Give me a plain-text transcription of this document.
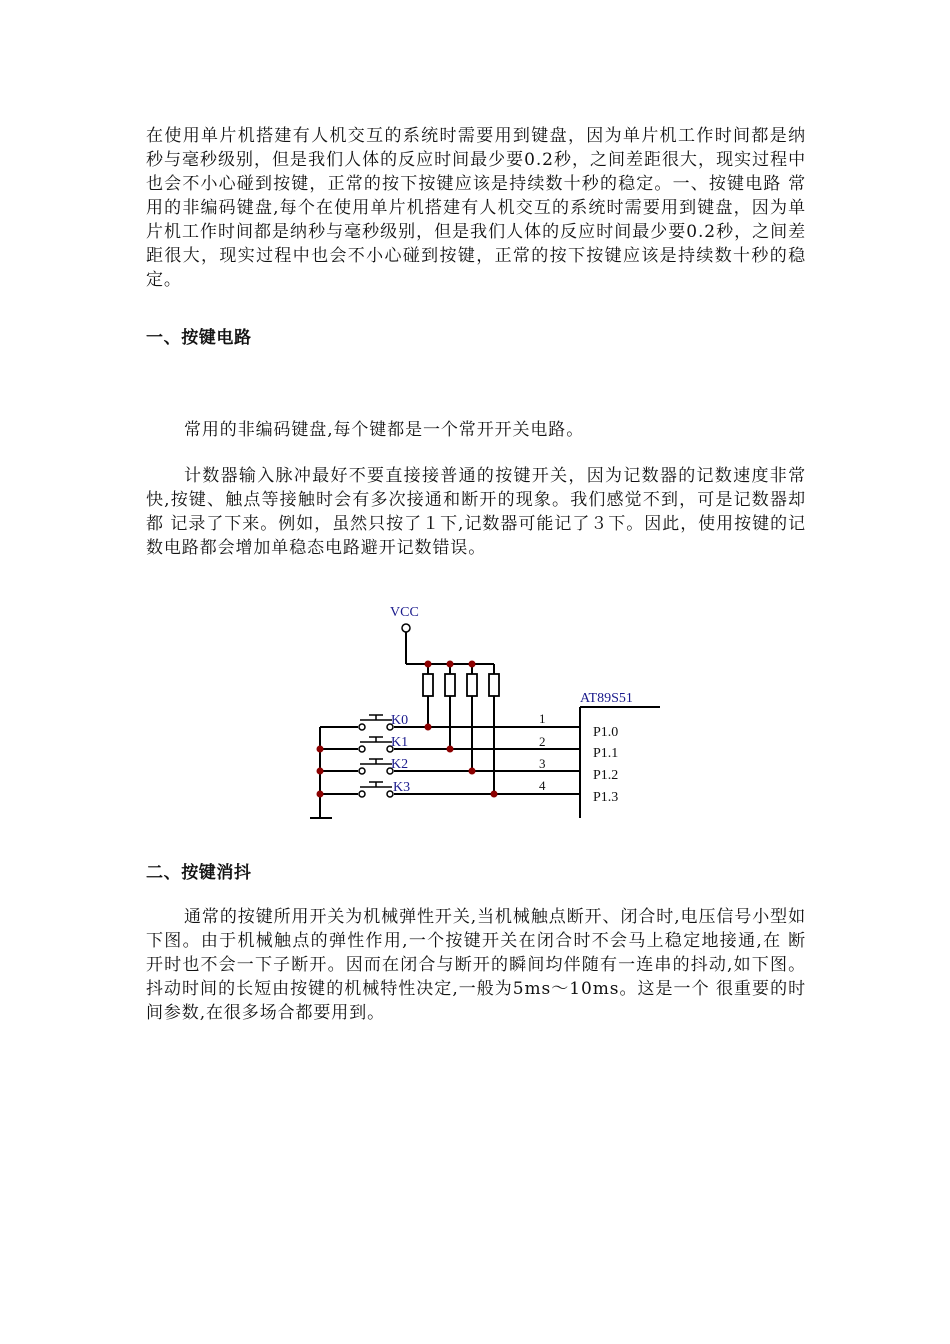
在使用单片机搭建有人机交互的系统时需要用到键盘，因为单片机工作时间都是纳秒与毫秒级别，但是我们人体的反应时间最少要0.2秒，之间差距很大，现实过程中也会不小心碰到按键，正常的按下按键应该是持续数十秒的稳定。一、按键电路 常用的非编码键盘,每个在使用单片机搭建有人机交互的系统时需要用到键盘，因为单片机工作时间都是纳秒与毫秒级别，但是我们人体的反应时间最少要0.2秒，之间差距很大，现实过程中也会不小心碰到按键，正常的按下按键应该是持续数十秒的稳定。

一、按键电路

常用的非编码键盘,每个键都是一个常开开关电路。

计数器输入脉冲最好不要直接接普通的按键开关，因为记数器的记数速度非常快,按键、触点等接触时会有多次接通和断开的现象。我们感觉不到，可是记数器却都 记录了下来。例如，虽然只按了１下,记数器可能记了３下。因此，使用按键的记数电路都会增加单稳态电路避开记数错误。

VCC
AT89S51
K0
K1
K2
K3
1
2
3
4
P1.0
P1.1
P1.2
P1.3
二、按键消抖

通常的按键所用开关为机械弹性开关,当机械触点断开、闭合时,电压信号小型如下图。由于机械触点的弹性作用,一个按键开关在闭合时不会马上稳定地接通,在 断开时也不会一下子断开。因而在闭合与断开的瞬间均伴随有一连串的抖动,如下图。抖动时间的长短由按键的机械特性决定,一般为5ms～10ms。这是一个 很重要的时间参数,在很多场合都要用到。
